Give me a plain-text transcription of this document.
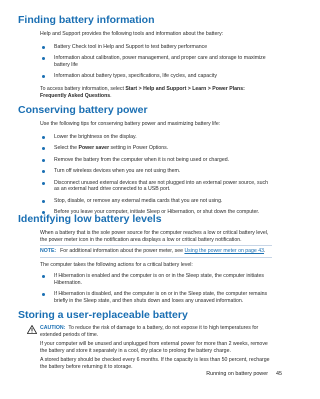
Finding battery information
Help and Support provides the following tools and information about the battery:
Battery Check tool in Help and Support to test battery performance
Information about calibration, power management, and proper care and storage to maximize battery life
Information about battery types, specifications, life cycles, and capacity
To access battery information, select Start > Help and Support > Learn > Power Plans: Frequently Asked Questions.
Conserving battery power
Use the following tips for conserving battery power and maximizing battery life:
Lower the brightness on the display.
Select the Power saver setting in Power Options.
Remove the battery from the computer when it is not being used or charged.
Turn off wireless devices when you are not using them.
Disconnect unused external devices that are not plugged into an external power source, such as an external hard drive connected to a USB port.
Stop, disable, or remove any external media cards that you are not using.
Before you leave your computer, initiate Sleep or Hibernation, or shut down the computer.
Identifying low battery levels
When a battery that is the sole power source for the computer reaches a low or critical battery level, the power meter icon in the notification area displays a low or critical battery notification.
NOTE: For additional information about the power meter, see Using the power meter on page 43.
The computer takes the following actions for a critical battery level:
If Hibernation is enabled and the computer is on or in the Sleep state, the computer initiates Hibernation.
If Hibernation is disabled, and the computer is on or in the Sleep state, the computer remains briefly in the Sleep state, and then shuts down and loses any unsaved information.
Storing a user-replaceable battery
CAUTION: To reduce the risk of damage to a battery, do not expose it to high temperatures for extended periods of time.
If your computer will be unused and unplugged from external power for more than 2 weeks, remove the battery and store it separately in a cool, dry place to prolong the battery charge.
A stored battery should be checked every 6 months. If the capacity is less than 50 percent, recharge the battery before returning it to storage.
Running on battery power 45
